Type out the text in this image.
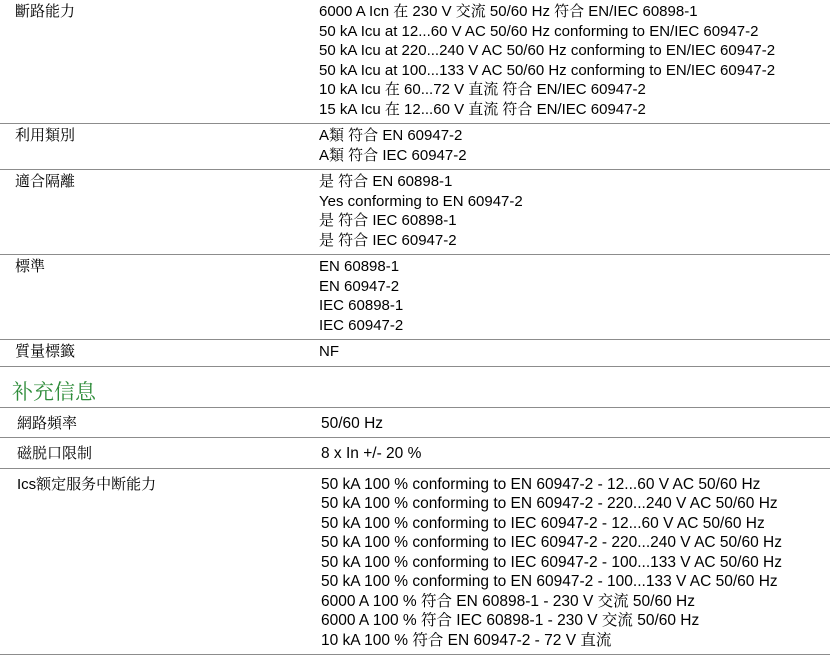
斷路能力	6000 A Icn 在 230 V 交流 50/60 Hz 符合 EN/IEC 60898-1
50 kA Icu at 12...60 V AC 50/60 Hz conforming to EN/IEC 60947-2
50 kA Icu at 220...240 V AC 50/60 Hz conforming to EN/IEC 60947-2
50 kA Icu at 100...133 V AC 50/60 Hz conforming to EN/IEC 60947-2
10 kA Icu 在 60...72 V 直流 符合 EN/IEC 60947-2
15 kA Icu 在 12...60 V 直流 符合 EN/IEC 60947-2
利用類別	A類 符合 EN 60947-2
A類 符合 IEC 60947-2
適合隔離	是 符合 EN 60898-1
Yes conforming to EN 60947-2
是 符合 IEC 60898-1
是 符合 IEC 60947-2
標準	EN 60898-1
EN 60947-2
IEC 60898-1
IEC 60947-2
質量標籤	NF
补充信息
網路頻率	50/60 Hz
磁脱口限制	8 x In +/- 20 %
Ics额定服务中断能力	50 kA 100 % conforming to EN 60947-2 - 12...60 V AC 50/60 Hz
50 kA 100 % conforming to EN 60947-2 - 220...240 V AC 50/60 Hz
50 kA 100 % conforming to IEC 60947-2 - 12...60 V AC 50/60 Hz
50 kA 100 % conforming to IEC 60947-2 - 220...240 V AC 50/60 Hz
50 kA 100 % conforming to IEC 60947-2 - 100...133 V AC 50/60 Hz
50 kA 100 % conforming to EN 60947-2 - 100...133 V AC 50/60 Hz
6000 A 100 % 符合 EN 60898-1 - 230 V 交流 50/60 Hz
6000 A 100 % 符合 IEC 60898-1 - 230 V 交流 50/60 Hz
10 kA 100 % 符合 EN 60947-2 - 72 V 直流
